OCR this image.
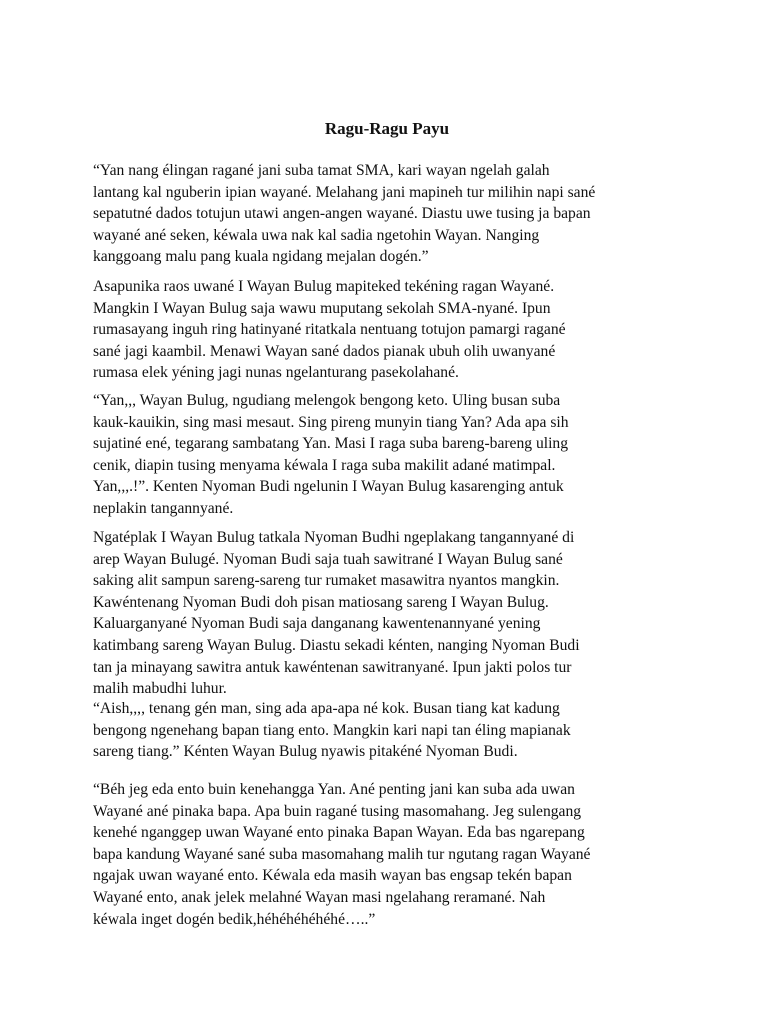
Ragu-Ragu Payu

“Yan nang élingan ragané jani suba tamat SMA, kari wayan ngelah galah
lantang kal nguberin ipian wayané. Melahang jani mapineh tur milihin napi sané
sepatutné dados totujun utawi angen-angen wayané. Diastu uwe tusing ja bapan
wayané ané seken, kéwala uwa nak kal sadia ngetohin Wayan. Nanging
kanggoang malu pang kuala ngidang mejalan dogén.”

Asapunika raos uwané I Wayan Bulug mapiteked tekéning ragan Wayané.
Mangkin I Wayan Bulug saja wawu muputang sekolah SMA-nyané. Ipun
rumasayang inguh ring hatinyané ritatkala nentuang totujon pamargi ragané
sané jagi kaambil. Menawi Wayan sané dados pianak ubuh olih uwanyané
rumasa elek yéning jagi nunas ngelanturang pasekolahané.

“Yan,,, Wayan Bulug, ngudiang melengok bengong keto. Uling busan suba
kauk-kauikin, sing masi mesaut. Sing pireng munyin tiang Yan? Ada apa sih
sujatiné ené, tegarang sambatang Yan. Masi I raga suba bareng-bareng uling
cenik, diapin tusing menyama kéwala I raga suba makilit adané matimpal.
Yan,,,.!”. Kenten Nyoman Budi ngelunin I Wayan Bulug kasarenging antuk
neplakin tangannyané.

Ngatéplak I Wayan Bulug tatkala Nyoman Budhi ngeplakang tangannyané di
arep Wayan Bulugé. Nyoman Budi saja tuah sawitrané I Wayan Bulug sané
saking alit sampun sareng-sareng tur rumaket masawitra nyantos mangkin.
Kawéntenang Nyoman Budi doh pisan matiosang sareng I Wayan Bulug.
Kaluarganyané Nyoman Budi saja danganang kawentenannyané yening
katimbang sareng Wayan Bulug. Diastu sekadi kénten, nanging Nyoman Budi
tan ja minayang sawitra antuk kawéntenan sawitranyané. Ipun jakti polos tur
malih mabudhi luhur.

“Aish,,,, tenang gén man, sing ada apa-apa né kok. Busan tiang kat kadung
bengong ngenehang bapan tiang ento. Mangkin kari napi tan éling mapianak
sareng tiang.” Kénten Wayan Bulug nyawis pitakéné Nyoman Budi.

“Béh jeg eda ento buin kenehangga Yan. Ané penting jani kan suba ada uwan
Wayané ané pinaka bapa. Apa buin ragané tusing masomahang. Jeg sulengang
kenehé nganggep uwan Wayané ento pinaka Bapan Wayan. Eda bas ngarepang
bapa kandung Wayané sané suba masomahang malih tur ngutang ragan Wayané
ngajak uwan wayané ento. Kéwala eda masih wayan bas engsap tekén bapan
Wayané ento, anak jelek melahné Wayan masi ngelahang reramané. Nah
kéwala inget dogén bedik,héhéhéhéhéhé…..”
